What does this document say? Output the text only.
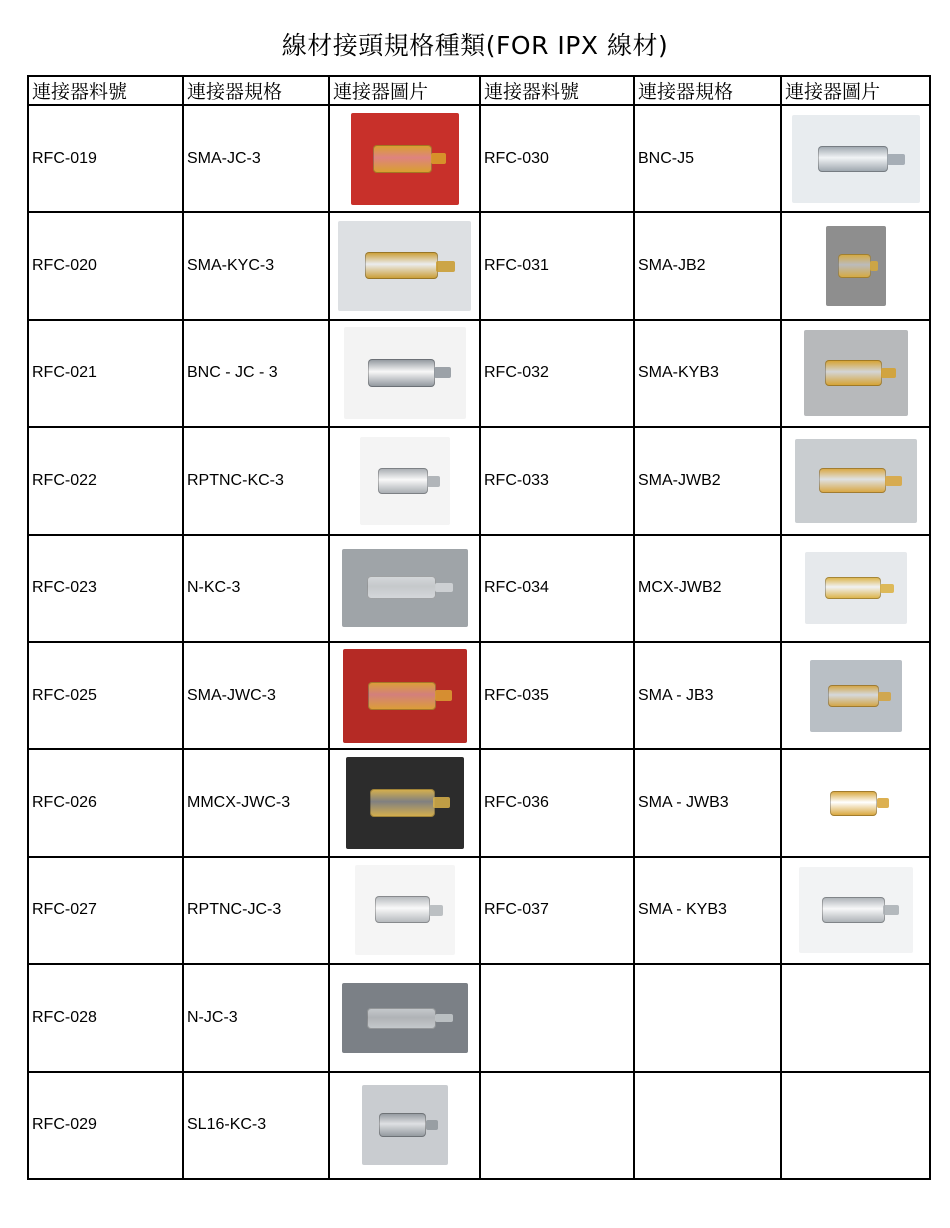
線材接頭規格種類(FOR IPX 線材)
連接器料號	連接器規格	連接器圖片	連接器料號	連接器規格	連接器圖片
RFC-019	SMA-JC-3		RFC-030	BNC-J5	

RFC-020	SMA-KYC-3		RFC-031	SMA-JB2	

RFC-021	BNC - JC - 3		RFC-032	SMA-KYB3	

RFC-022	RPTNC-KC-3		RFC-033	SMA-JWB2	

RFC-023	N-KC-3		RFC-034	MCX-JWB2	

RFC-025	SMA-JWC-3		RFC-035	SMA - JB3	

RFC-026	MMCX-JWC-3		RFC-036	SMA - JWB3	

RFC-027	RPTNC-JC-3		RFC-037	SMA - KYB3	

RFC-028	N-JC-3	

RFC-029	SL16-KC-3	
